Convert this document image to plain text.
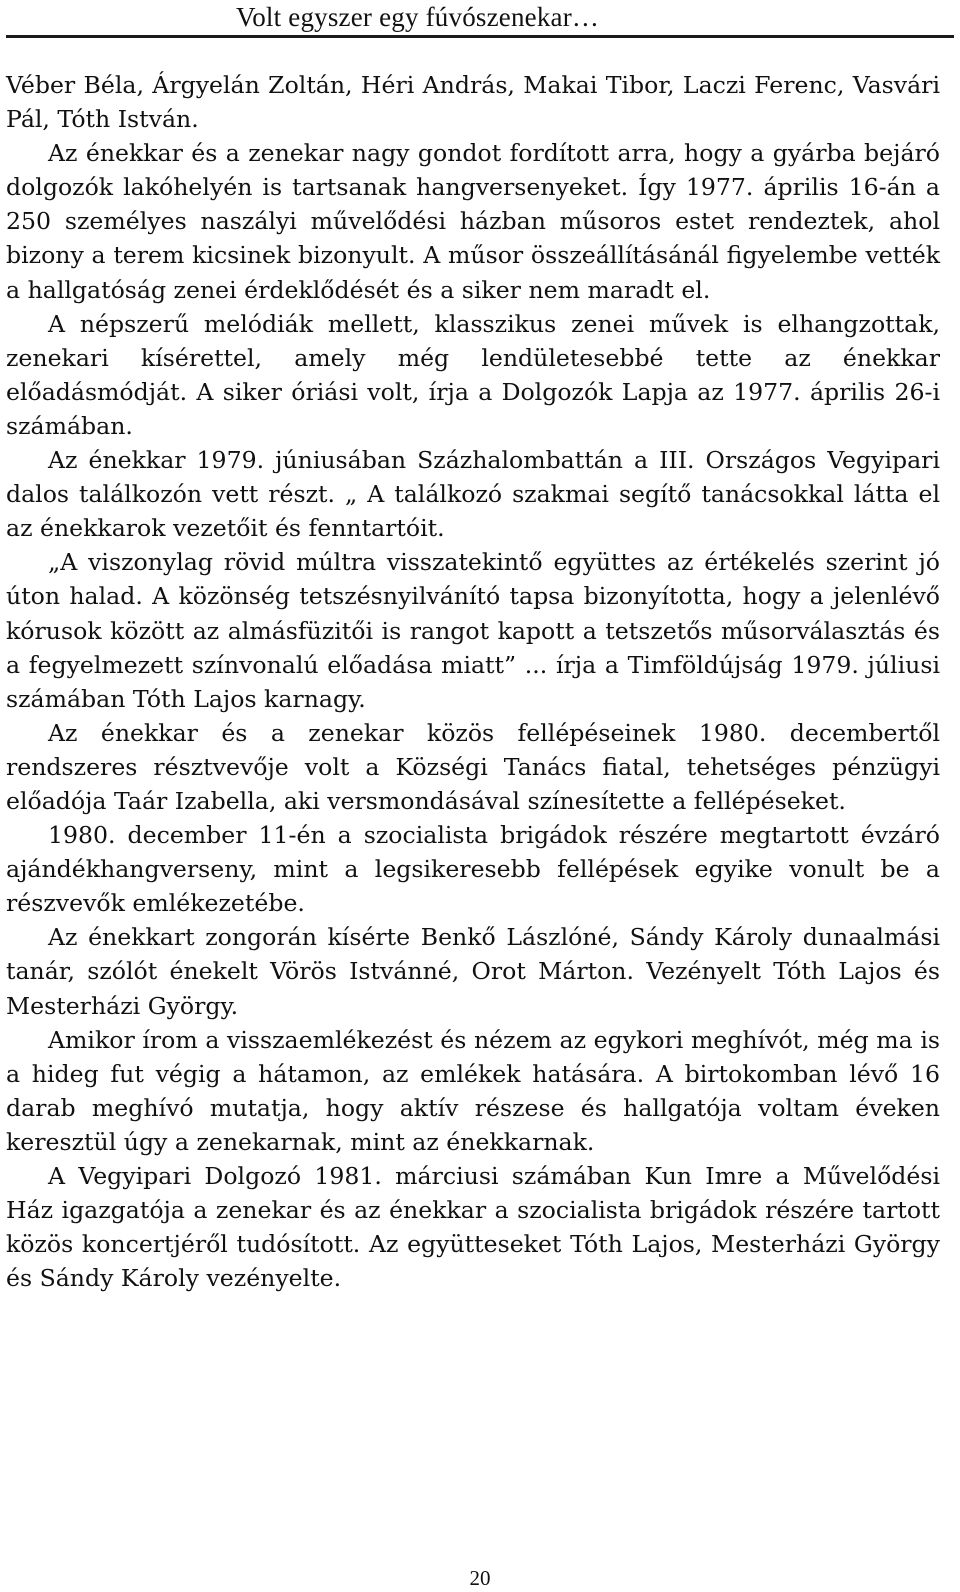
Volt egyszer egy fúvószenekar…

Véber Béla, Árgyelán Zoltán, Héri András, Makai Tibor, Laczi Ferenc, Vasvári Pál, Tóth István.

Az énekkar és a zenekar nagy gondot fordított arra, hogy a gyárba bejáró dolgozók lakóhelyén is tartsanak hangversenyeket. Így 1977. április 16-án a 250 személyes naszályi művelődési házban műsoros estet rendeztek, ahol bizony a terem kicsinek bizonyult. A műsor összeállításánál figyelembe vették a hallgatóság zenei érdeklődését és a siker nem maradt el.

A népszerű melódiák mellett, klasszikus zenei művek is elhangzottak, zenekari kísérettel, amely még lendületesebbé tette az énekkar előadásmódját. A siker óriási volt, írja a Dolgozók Lapja az 1977. április 26-i számában.

Az énekkar 1979. júniusában Százhalombattán a III. Országos Vegyipari dalos találkozón vett részt. „ A találkozó szakmai segítő tanácsokkal látta el az énekkarok vezetőit és fenntartóit.

„A viszonylag rövid múltra visszatekintő együttes az értékelés szerint jó úton halad. A közönség tetszésnyilvánító tapsa bizonyította, hogy a jelenlévő kórusok között az almásfüzitői is rangot kapott a tetszetős műsorválasztás és a fegyelmezett színvonalú előadása miatt” ... írja a Timföldújság 1979. júliusi számában Tóth Lajos karnagy.

Az énekkar és a zenekar közös fellépéseinek 1980. decembertől rendszeres résztvevője volt a Községi Tanács fiatal, tehetséges pénzügyi előadója Taár Izabella, aki versmondásával színesítette a fellépéseket.

1980. december 11-én a szocialista brigádok részére megtartott évzáró ajándékhangverseny, mint a legsikeresebb fellépések egyike vonult be a részvevők emlékezetébe.

Az énekkart zongorán kísérte Benkő Lászlóné, Sándy Károly dunaalmási tanár, szólót énekelt Vörös Istvánné, Orot Márton. Vezényelt Tóth Lajos és Mesterházi György.

Amikor írom a visszaemlékezést és nézem az egykori meghívót, még ma is a hideg fut végig a hátamon, az emlékek hatására. A birtokomban lévő 16 darab meghívó mutatja, hogy aktív részese és hallgatója voltam éveken keresztül úgy a zenekarnak, mint az énekkarnak.

A Vegyipari Dolgozó 1981. márciusi számában Kun Imre a Művelődési Ház igazgatója a zenekar és az énekkar a szocialista brigádok részére tartott közös koncertjéről tudósított. Az együtteseket Tóth Lajos, Mesterházi György és Sándy Károly vezényelte.

20
